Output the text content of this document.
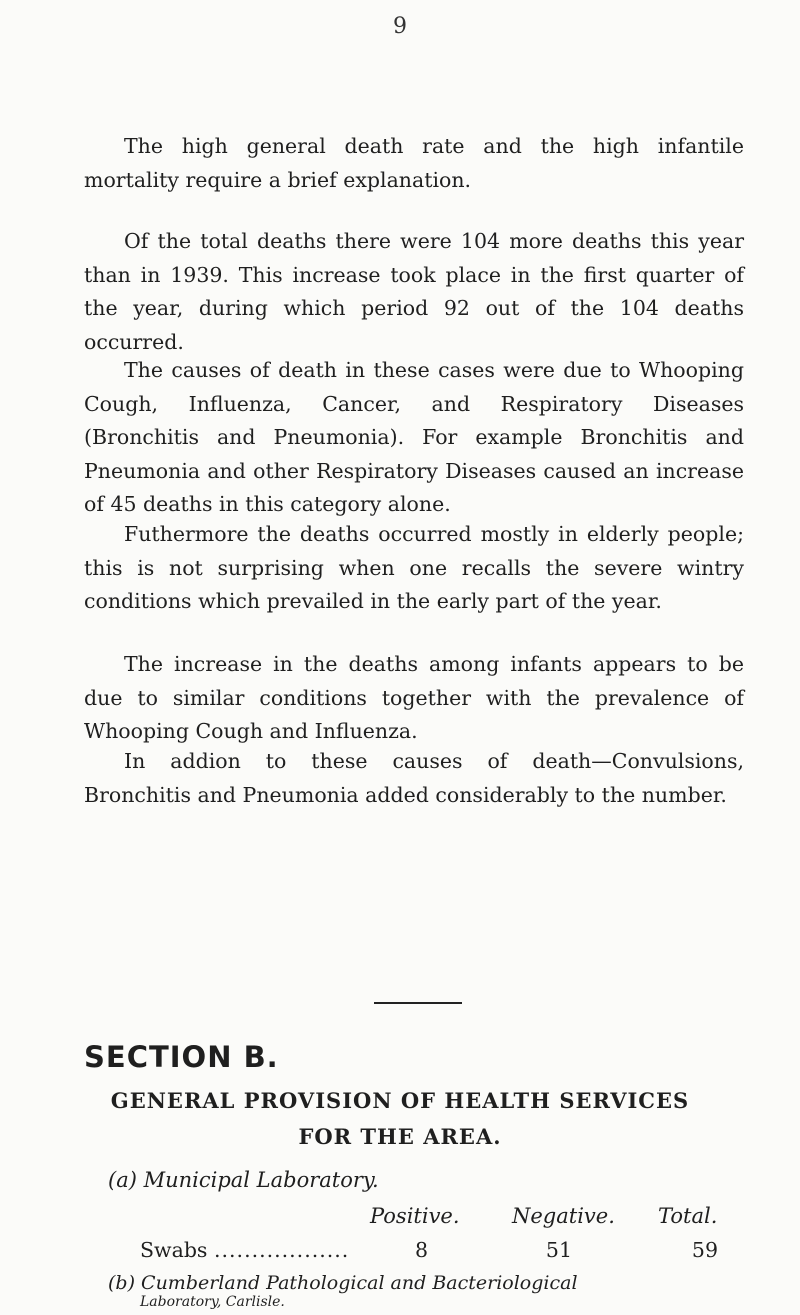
9

The high general death rate and the high infantile mortality require a brief explanation.

Of the total deaths there were 104 more deaths this year than in 1939. This increase took place in the first quarter of the year, during which period 92 out of the 104 deaths occurred.

The causes of death in these cases were due to Whooping Cough, Influenza, Cancer, and Respiratory Diseases (Bronchitis and Pneumonia). For example Bronchitis and Pneumonia and other Respiratory Diseases caused an increase of 45 deaths in this category alone.

Futhermore the deaths occurred mostly in elderly people; this is not surprising when one recalls the severe wintry conditions which prevailed in the early part of the year.

The increase in the deaths among infants appears to be due to similar conditions together with the prevalence of Whooping Cough and Influenza.

In addion to these causes of death—Convulsions, Bronchitis and Pneumonia added considerably to the number.

SECTION B.
GENERAL PROVISION OF HEALTH SERVICES
FOR THE AREA.
(a) Municipal Laboratory.
Positive. Negative. Total.
Swabs ..................	8	51	59
(b) Cumberland Pathological and Bacteriological
Laboratory, Carlisle.
